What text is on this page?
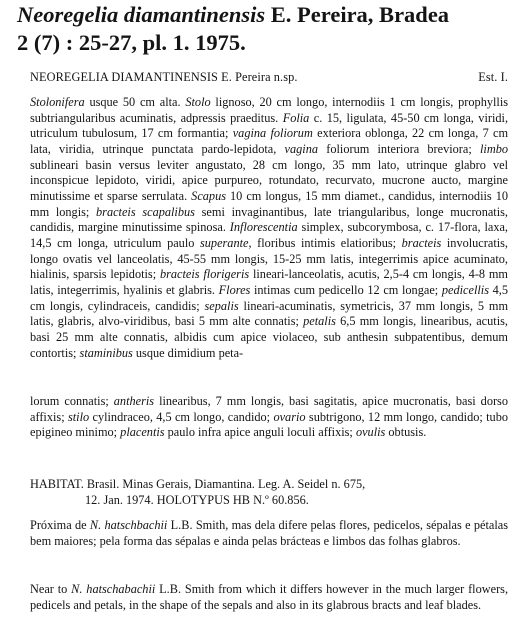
Neoregelia diamantinensis E. Pereira, Bradea
2 (7) : 25-27, pl. 1. 1975.
NEOREGELIA DIAMANTINENSIS E. Pereira n.sp.	Est. I.

Stolonifera usque 50 cm alta. Stolo lignoso, 20 cm longo, internodiis 1 cm longis, prophyllis subtriangularibus acuminatis, adpressis praeditus. Folia c. 15, ligulata, 45-50 cm longa, viridi, utriculum tubulosum, 17 cm formantia; vagina foliorum exteriora oblonga, 22 cm longa, 7 cm lata, viridia, utrinque punctata pardo-lepidota, vagina foliorum interiora breviora; limbo sublineari basin versus leviter angustato, 28 cm longo, 35 mm lato, utrinque glabro vel inconspicue lepidoto, viridi, apice purpureo, rotundato, recurvato, mucrone aucto, margine minutissime et sparse serrulata. Scapus 10 cm longus, 15 mm diamet., candidus, internodiis 10 mm longis; bracteis scapalibus semi invaginantibus, late triangularibus, longe mucronatis, candidis, margine minutissime spinosa. Inflorescentia simplex, subcorymbosa, c. 17-flora, laxa, 14,5 cm longa, utriculum paulo superante, floribus intimis elatioribus; bracteis involucratis, longo ovatis vel lanceolatis, 45-55 mm longis, 15-25 mm latis, integerrimis apice acuminato, hialinis, sparsis lepidotis; bracteis florigeris lineari-lanceolatis, acutis, 2,5-4 cm longis, 4-8 mm latis, integerrimis, hyalinis et glabris. Flores intimas cum pedicello 12 cm longae; pedicellis 4,5 cm longis, cylindraceis, candidis; sepalis lineari-acuminatis, symetricis, 37 mm longis, 5 mm latis, glabris, alvo-viridibus, basi 5 mm alte connatis; petalis 6,5 mm longis, linearibus, acutis, basi 25 mm alte connatis, albidis cum apice violaceo, sub anthesin subpatentibus, demum contortis; staminibus usque dimidium peta-

lorum connatis; antheris linearibus, 7 mm longis, basi sagitatis, apice mucronatis, basi dorso affixis; stilo cylindraceo, 4,5 cm longo, candido; ovario subtrigono, 12 mm longo, candido; tubo epigineo minimo; placentis paulo infra apice anguli loculi affixis; ovulis obtusis.

HABITAT. Brasil. Minas Gerais, Diamantina. Leg. A. Seidel n. 675,
12. Jan. 1974. HOLOTYPUS HB N.º 60.856.

Próxima de N. hatschbachii L.B. Smith, mas dela difere pelas flores, pedicelos, sépalas e pétalas bem maiores; pela forma das sépalas e ainda pelas brácteas e limbos das folhas glabros.

Near to N. hatschabachii L.B. Smith from which it differs however in the much larger flowers, pedicels and petals, in the shape of the sepals and also in its glabrous bracts and leaf blades.
